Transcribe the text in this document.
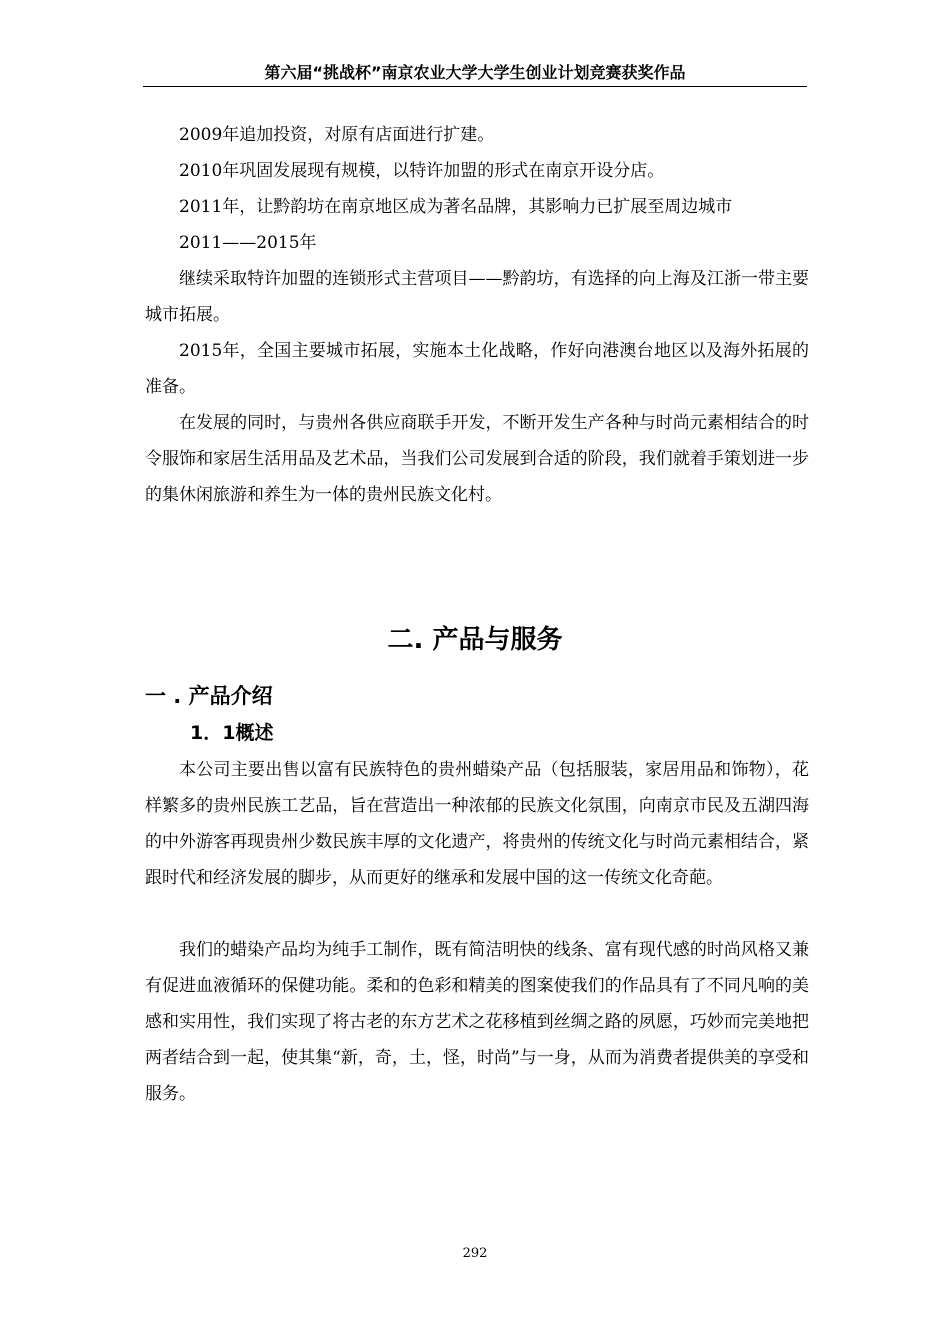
第六届“挑战杯”南京农业大学大学生创业计划竞赛获奖作品

2009年追加投资，对原有店面进行扩建。

2010年巩固发展现有规模，以特许加盟的形式在南京开设分店。

2011年，让黔韵坊在南京地区成为著名品牌，其影响力已扩展至周边城市

2011——2015年

继续采取特许加盟的连锁形式主营项目——黔韵坊，有选择的向上海及江浙一带主要城市拓展。

2015年，全国主要城市拓展，实施本土化战略，作好向港澳台地区以及海外拓展的准备。

在发展的同时，与贵州各供应商联手开发，不断开发生产各种与时尚元素相结合的时令服饰和家居生活用品及艺术品，当我们公司发展到合适的阶段，我们就着手策划进一步的集休闲旅游和养生为一体的贵州民族文化村。

二. 产品与服务
一 . 产品介绍
1．1概述

本公司主要出售以富有民族特色的贵州蜡染产品（包括服装，家居用品和饰物），花样繁多的贵州民族工艺品，旨在营造出一种浓郁的民族文化氛围，向南京市民及五湖四海的中外游客再现贵州少数民族丰厚的文化遗产，将贵州的传统文化与时尚元素相结合，紧跟时代和经济发展的脚步，从而更好的继承和发展中国的这一传统文化奇葩。

我们的蜡染产品均为纯手工制作，既有简洁明快的线条、富有现代感的时尚风格又兼有促进血液循环的保健功能。柔和的色彩和精美的图案使我们的作品具有了不同凡响的美感和实用性，我们实现了将古老的东方艺术之花移植到丝绸之路的夙愿，巧妙而完美地把两者结合到一起，使其集“新，奇，土，怪，时尚”与一身，从而为消费者提供美的享受和服务。

292
